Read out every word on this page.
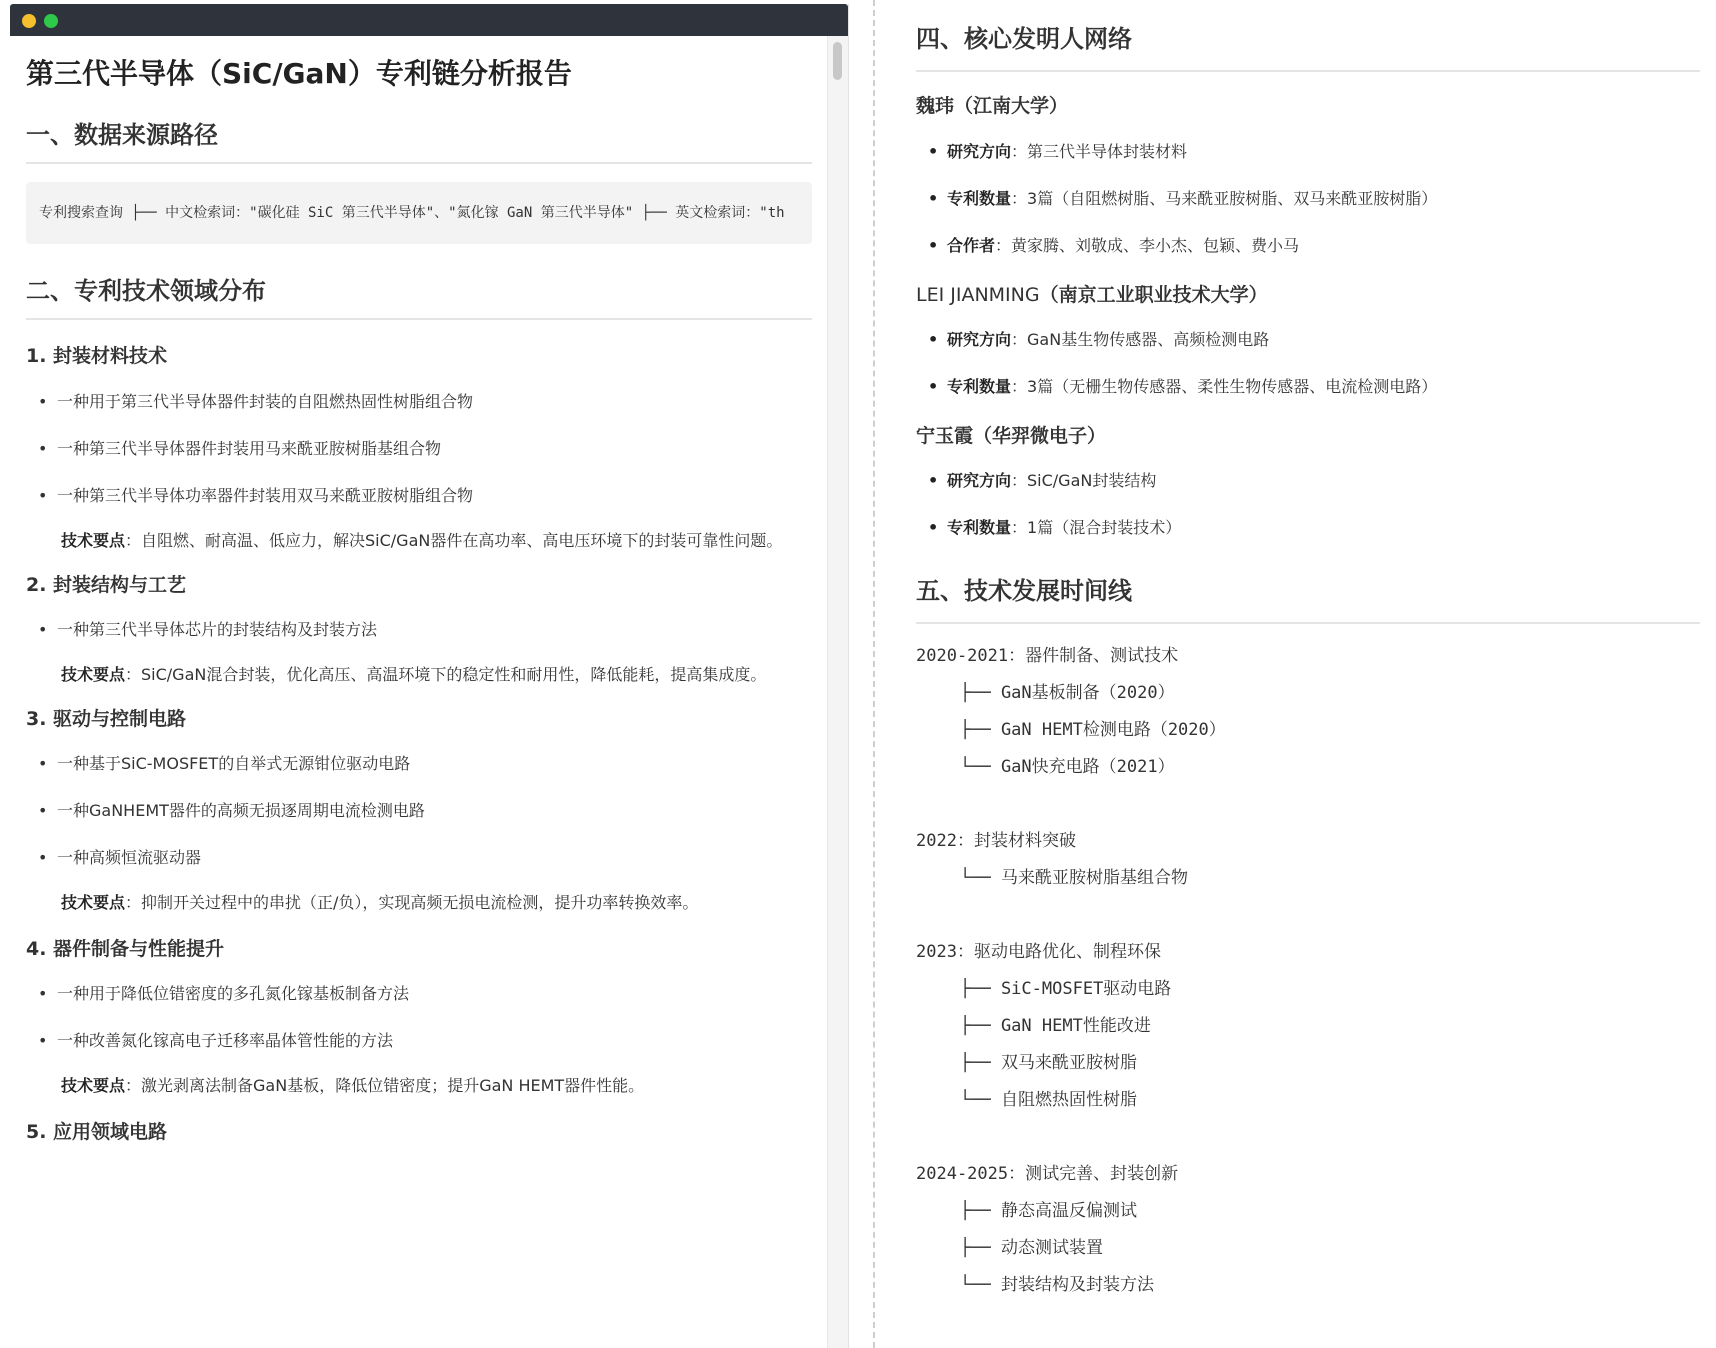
第三代半导体（SiC/GaN）专利链分析报告
一、数据来源路径
专利搜索查询 ├── 中文检索词："碳化硅 SiC 第三代半导体"、"氮化镓 GaN 第三代半导体" ├── 英文检索词："th
二、专利技术领域分布
1. 封装材料技术
• 一种用于第三代半导体器件封装的自阻燃热固性树脂组合物
• 一种第三代半导体器件封装用马来酰亚胺树脂基组合物
• 一种第三代半导体功率器件封装用双马来酰亚胺树脂组合物

技术要点：自阻燃、耐高温、低应力，解决SiC/GaN器件在高功率、高电压环境下的封装可靠性问题。

2. 封装结构与工艺
• 一种第三代半导体芯片的封装结构及封装方法

技术要点：SiC/GaN混合封装，优化高压、高温环境下的稳定性和耐用性，降低能耗，提高集成度。

3. 驱动与控制电路
• 一种基于SiC-MOSFET的自举式无源钳位驱动电路
• 一种GaNHEMT器件的高频无损逐周期电流检测电路
• 一种高频恒流驱动器

技术要点：抑制开关过程中的串扰（正/负），实现高频无损电流检测，提升功率转换效率。

4. 器件制备与性能提升
• 一种用于降低位错密度的多孔氮化镓基板制备方法
• 一种改善氮化镓高电子迁移率晶体管性能的方法

技术要点：激光剥离法制备GaN基板，降低位错密度；提升GaN HEMT器件性能。

5. 应用领域电路
四、核心发明人网络
魏玮（江南大学）
• 研究方向：第三代半导体封装材料
• 专利数量：3篇（自阻燃树脂、马来酰亚胺树脂、双马来酰亚胺树脂）
• 合作者：黄家腾、刘敬成、李小杰、包颖、费小马
LEI JIANMING（南京工业职业技术大学）
• 研究方向：GaN基生物传感器、高频检测电路
• 专利数量：3篇（无栅生物传感器、柔性生物传感器、电流检测电路）
宁玉霞（华羿微电子）
• 研究方向：SiC/GaN封装结构
• 专利数量：1篇（混合封装技术）
五、技术发展时间线
2020-2021：器件制备、测试技术
├── GaN基板制备（2020）
├── GaN HEMT检测电路（2020）
└── GaN快充电路（2021）
2022：封装材料突破
└── 马来酰亚胺树脂基组合物
2023：驱动电路优化、制程环保
├── SiC-MOSFET驱动电路
├── GaN HEMT性能改进
├── 双马来酰亚胺树脂
└── 自阻燃热固性树脂
2024-2025：测试完善、封装创新
├── 静态高温反偏测试
├── 动态测试装置
└── 封装结构及封装方法
